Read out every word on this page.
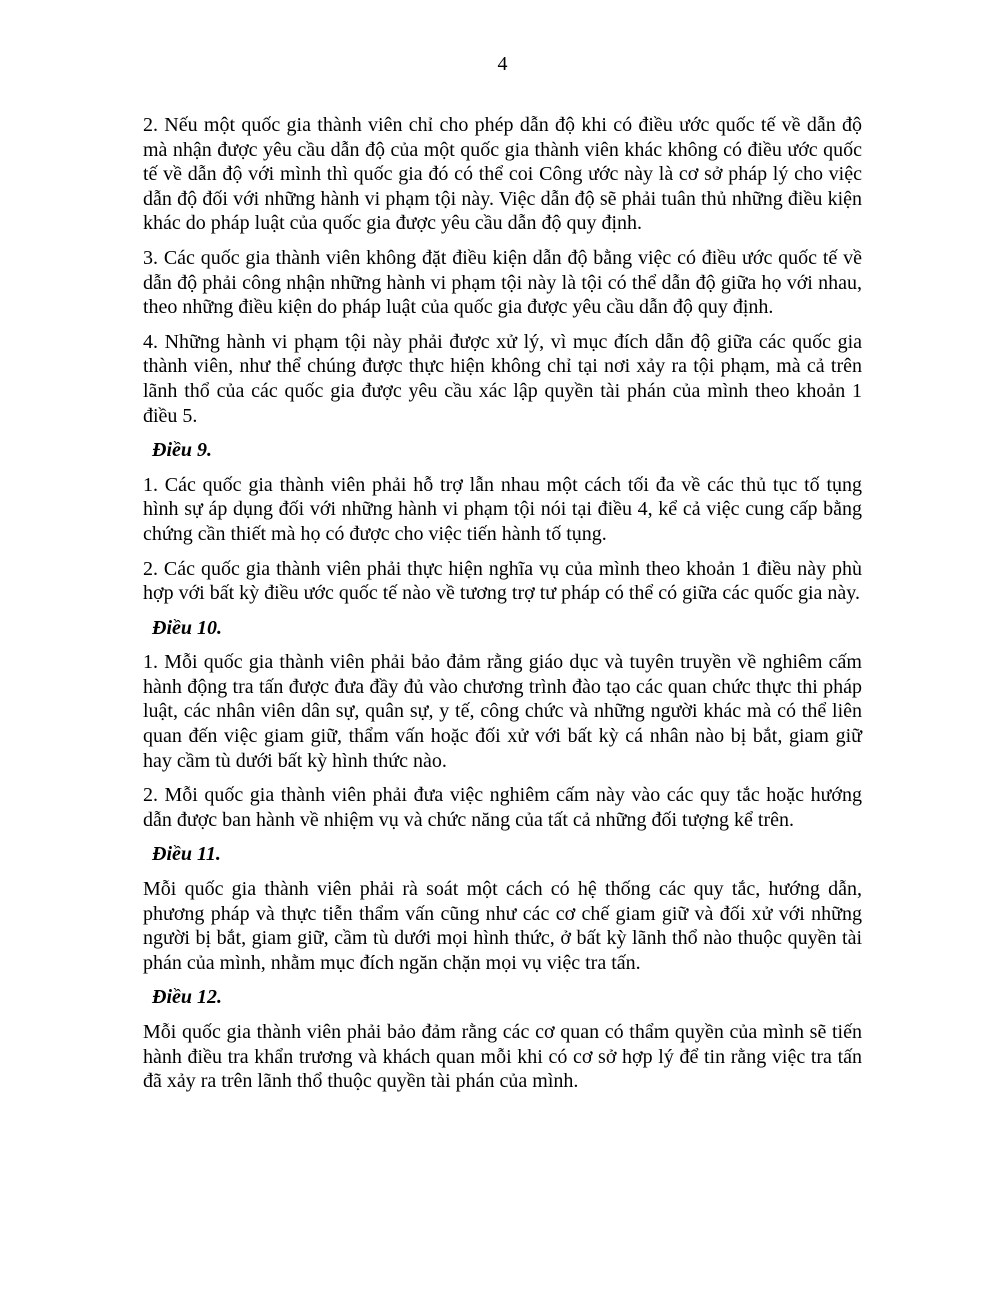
4

2. Nếu một quốc gia thành viên chỉ cho phép dẫn độ khi có điều ước quốc tế về dẫn độ mà nhận được yêu cầu dẫn độ của một quốc gia thành viên khác không có điều ước quốc tế về dẫn độ với mình thì quốc gia đó có thể coi Công ước này là cơ sở pháp lý cho việc dẫn độ đối với những hành vi phạm tội này. Việc dẫn độ sẽ phải tuân thủ những điều kiện khác do pháp luật của quốc gia được yêu cầu dẫn độ quy định.

3. Các quốc gia thành viên không đặt điều kiện dẫn độ bằng việc có điều ước quốc tế về dẫn độ phải công nhận những hành vi phạm tội này là tội có thể dẫn độ giữa họ với nhau, theo những điều kiện do pháp luật của quốc gia được yêu cầu dẫn độ quy định.

4. Những hành vi phạm tội này phải được xử lý, vì mục đích dẫn độ giữa các quốc gia thành viên, như thể chúng được thực hiện không chỉ tại nơi xảy ra tội phạm, mà cả trên lãnh thổ của các quốc gia được yêu cầu xác lập quyền tài phán của mình theo khoản 1 điều 5.

Điều 9.

1. Các quốc gia thành viên phải hỗ trợ lẫn nhau một cách tối đa về các thủ tục tố tụng hình sự áp dụng đối với những hành vi phạm tội nói tại điều 4, kể cả việc cung cấp bằng chứng cần thiết mà họ có được cho việc tiến hành tố tụng.

2. Các quốc gia thành viên phải thực hiện nghĩa vụ của mình theo khoản 1 điều này phù hợp với bất kỳ điều ước quốc tế nào về tương trợ tư pháp có thể có giữa các quốc gia này.

Điều 10.

1. Mỗi quốc gia thành viên phải bảo đảm rằng giáo dục và tuyên truyền về nghiêm cấm hành động tra tấn được đưa đầy đủ vào chương trình đào tạo các quan chức thực thi pháp luật, các nhân viên dân sự, quân sự, y tế, công chức và những người khác mà có thể liên quan đến việc giam giữ, thẩm vấn hoặc đối xử với bất kỳ cá nhân nào bị bắt, giam giữ hay cầm tù dưới bất kỳ hình thức nào.

2. Mỗi quốc gia thành viên phải đưa việc nghiêm cấm này vào các quy tắc hoặc hướng dẫn được ban hành về nhiệm vụ và chức năng của tất cả những đối tượng kể trên.

Điều 11.

Mỗi quốc gia thành viên phải rà soát một cách có hệ thống các quy tắc, hướng dẫn, phương pháp và thực tiễn thẩm vấn cũng như các cơ chế giam giữ và đối xử với những người bị bắt, giam giữ, cầm tù dưới mọi hình thức, ở bất kỳ lãnh thổ nào thuộc quyền tài phán của mình, nhằm mục đích ngăn chặn mọi vụ việc tra tấn.

Điều 12.

Mỗi quốc gia thành viên phải bảo đảm rằng các cơ quan có thẩm quyền của mình sẽ tiến hành điều tra khẩn trương và khách quan mỗi khi có cơ sở hợp lý để tin rằng việc tra tấn đã xảy ra trên lãnh thổ thuộc quyền tài phán của mình.
